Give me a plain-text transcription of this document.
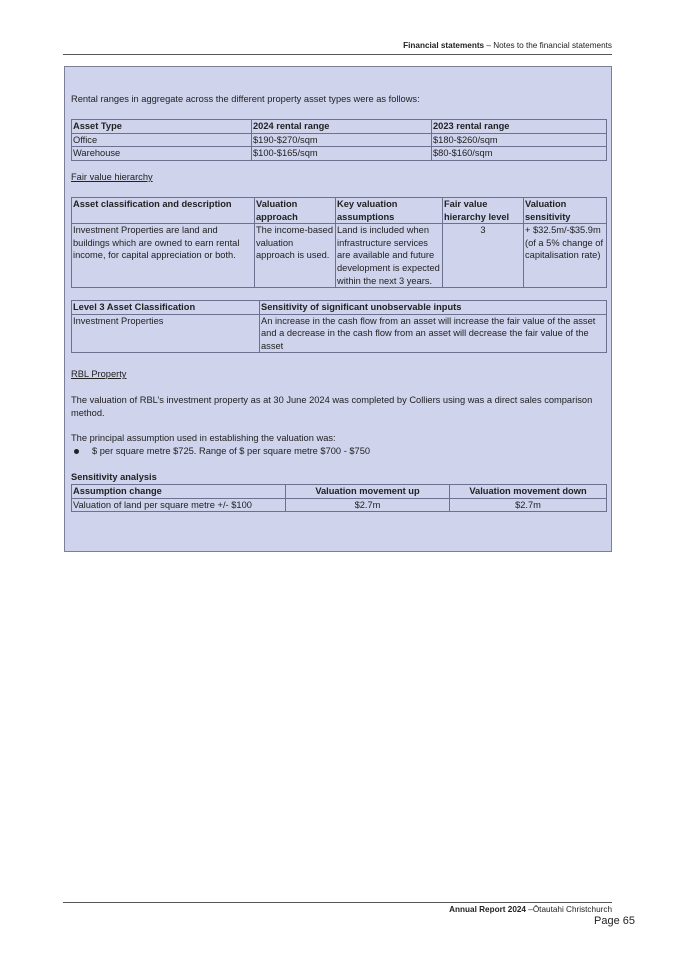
Financial statements – Notes to the financial statements
Rental ranges in aggregate across the different property asset types were as follows:
Asset Type	2024 rental range	2023 rental range
Office	$190-$270/sqm	$180-$260/sqm
Warehouse	$100-$165/sqm	$80-$160/sqm
Fair value hierarchy
Asset classification and description	Valuation approach	Key valuation assumptions	Fair value hierarchy level	Valuation sensitivity
Investment Properties are land and buildings which are owned to earn rental income, for capital appreciation or both.	The income-based valuation approach is used.	Land is included when infrastructure services are available and future development is expected within the next 3 years.	3	+ $32.5m/-$35.9m (of a 5% change of capitalisation rate)
Level 3 Asset Classification	Sensitivity of significant unobservable inputs
Investment Properties	An increase in the cash flow from an asset will increase the fair value of the asset and a decrease in the cash flow from an asset will decrease the fair value of the asset
RBL Property
The valuation of RBL’s investment property as at 30 June 2024 was completed by Colliers using was a direct sales comparison method.
The principal assumption used in establishing the valuation was:
$ per square metre $725. Range of $ per square metre $700 - $750
Sensitivity analysis
Assumption change	Valuation movement up	Valuation movement down
Valuation of land per square metre +/- $100	$2.7m	$2.7m
Annual Report 2024 –Ōtautahi Christchurch
Page 65
